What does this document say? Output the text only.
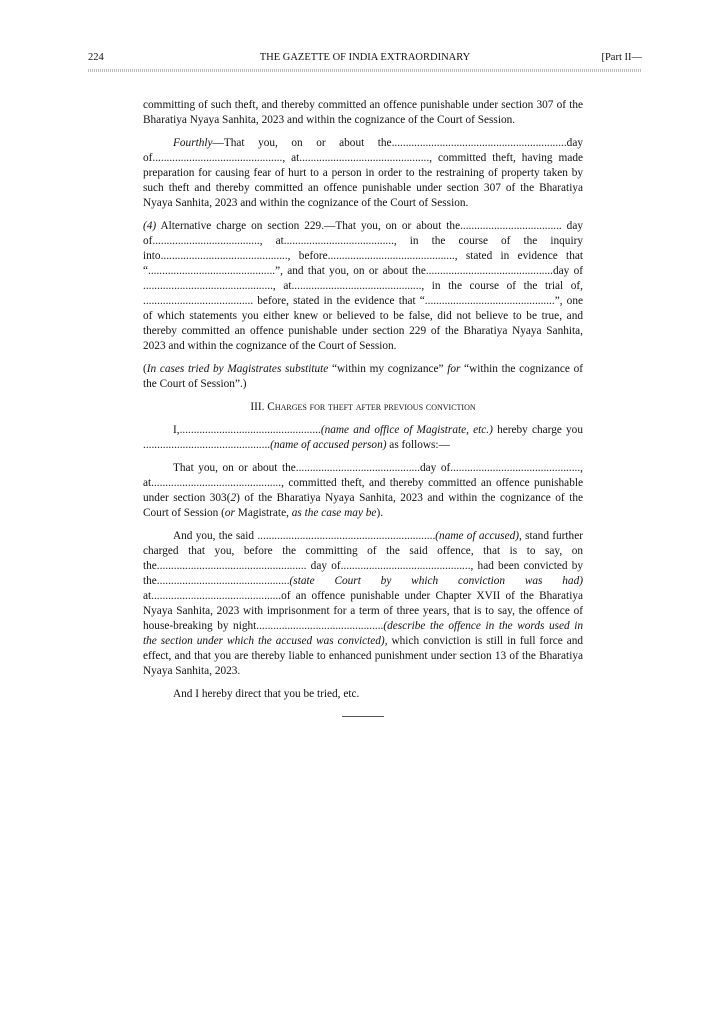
224	THE GAZETTE OF INDIA EXTRAORDINARY	[Part II—

committing of such theft, and thereby committed an offence punishable under section 307 of the Bharatiya Nyaya Sanhita, 2023 and within the cognizance of the Court of Session.

Fourthly—That you, on or about the..............................................................day of.............................................., at.............................................., committed theft, having made preparation for causing fear of hurt to a person in order to the restraining of property taken by such theft and thereby committed an offence punishable under section 307 of the Bharatiya Nyaya Sanhita, 2023 and within the cognizance of the Court of Session.

(4) Alternative charge on section 229.—That you, on or about the.................................... day of......................................, at......................................., in the course of the inquiry into............................................., before............................................., stated in evidence that “.............................................”, and that you, on or about the.............................................day of .............................................., at.............................................., in the course of the trial of, ....................................... before, stated in the evidence that “..............................................”, one of which statements you either knew or believed to be false, did not believe to be true, and thereby committed an offence punishable under section 229 of the Bharatiya Nyaya Sanhita, 2023 and within the cognizance of the Court of Session.

(In cases tried by Magistrates substitute “within my cognizance” for “within the cognizance of the Court of Session”.)

III. Charges for theft after previous conviction

I,..................................................(name and office of Magistrate, etc.) hereby charge you .............................................(name of accused person) as follows:—

That you, on or about the............................................day of.............................................., at.............................................., committed theft, and thereby committed an offence punishable under section 303(2) of the Bharatiya Nyaya Sanhita, 2023 and within the cognizance of the Court of Session (or Magistrate, as the case may be).

And you, the said ...............................................................(name of accused), stand further charged that you, before the committing of the said offence, that is to say, on the..................................................... day of.............................................., had been convicted by the...............................................(state Court by which conviction was had) at..............................................of an offence punishable under Chapter XVII of the Bharatiya Nyaya Sanhita, 2023 with imprisonment for a term of three years, that is to say, the offence of house-breaking by night.............................................(describe the offence in the words used in the section under which the accused was convicted), which conviction is still in full force and effect, and that you are thereby liable to enhanced punishment under section 13 of the Bharatiya Nyaya Sanhita, 2023.

And I hereby direct that you be tried, etc.
